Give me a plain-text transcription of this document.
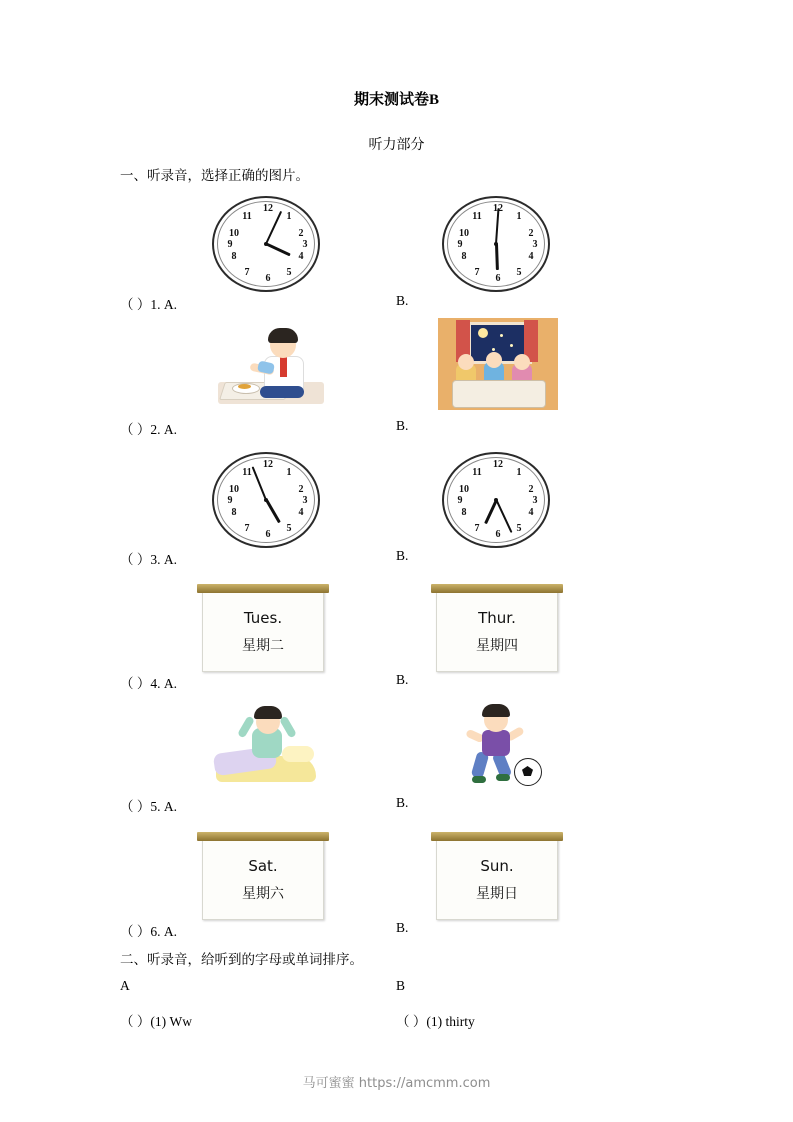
期末测试卷B
听力部分
一、听录音，选择正确的图片。
12
1
2
3
4
5
6
7
8
9
10
11
12
1
2
3
4
5
6
7
8
9
10
11
（ ）1. A.	B.
（ ）2. A.	B.
12
1
2
3
4
5
6
7
8
9
10
11
12
1
2
3
4
5
6
7
8
9
10
11
（ ）3. A.	B.
Tues.
星期二
Thur.
星期四
（ ）4. A.	B.
（ ）5. A.	B.
Sat.
星期六
Sun.
星期日
（ ）6. A.	B.
二、听录音，给听到的字母或单词排序。
A	B
（ ）(1) Ww	（ ）(1) thirty
马可蜜蜜 https://amcmm.com
